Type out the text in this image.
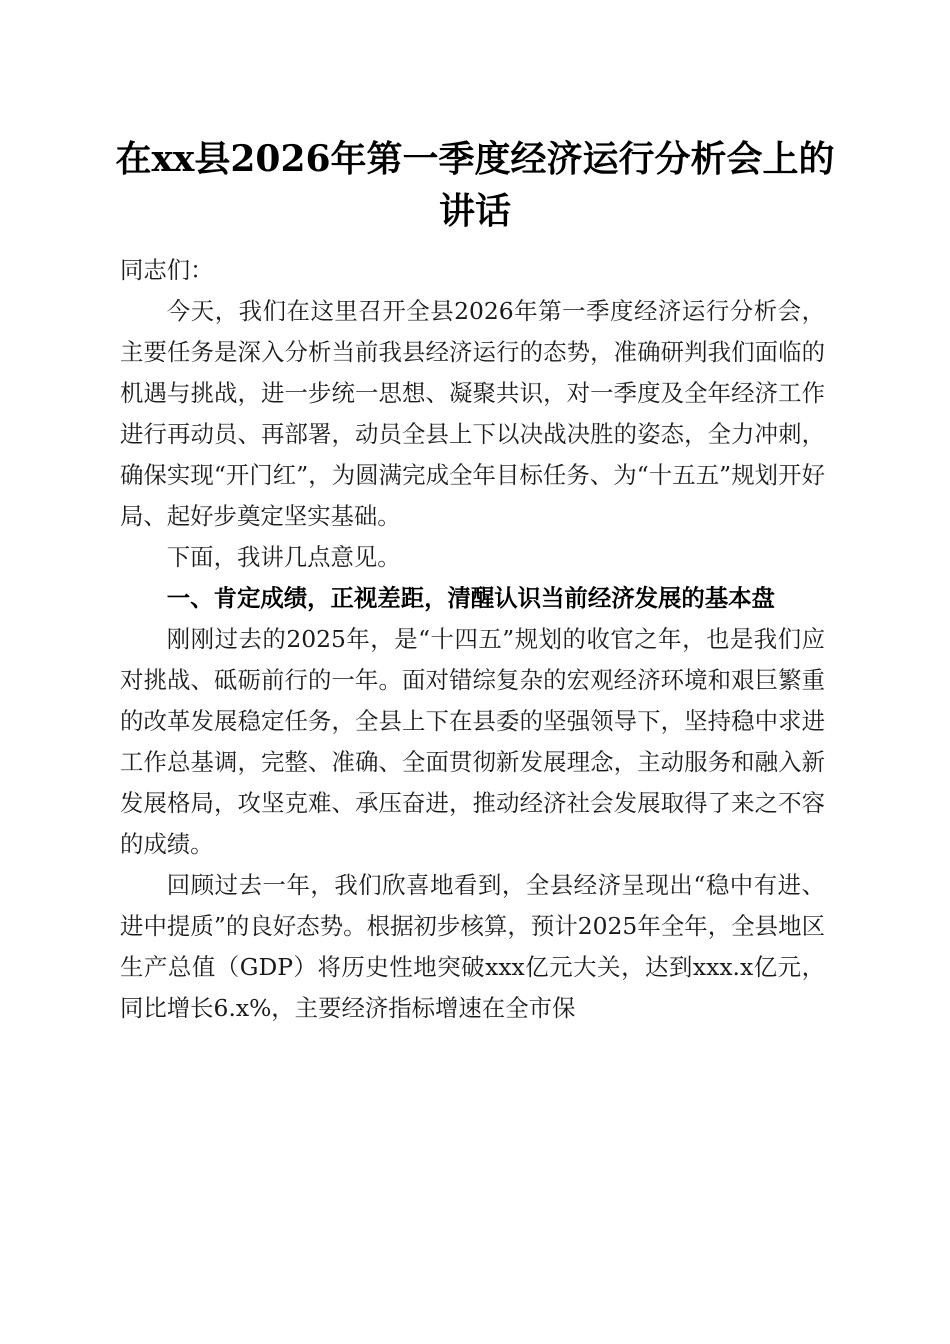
在xx县2026年第一季度经济运行分析会上的讲话

同志们：

今天，我们在这里召开全县2026年第一季度经济运行分析会，主要任务是深入分析当前我县经济运行的态势，准确研判我们面临的机遇与挑战，进一步统一思想、凝聚共识，对一季度及全年经济工作进行再动员、再部署，动员全县上下以决战决胜的姿态，全力冲刺，确保实现“开门红”，为圆满完成全年目标任务、为“十五五”规划开好局、起好步奠定坚实基础。

下面，我讲几点意见。

一、肯定成绩，正视差距，清醒认识当前经济发展的基本盘

刚刚过去的2025年，是“十四五”规划的收官之年，也是我们应对挑战、砥砺前行的一年。面对错综复杂的宏观经济环境和艰巨繁重的改革发展稳定任务，全县上下在县委的坚强领导下，坚持稳中求进工作总基调，完整、准确、全面贯彻新发展理念，主动服务和融入新发展格局，攻坚克难、承压奋进，推动经济社会发展取得了来之不容的成绩。

回顾过去一年，我们欣喜地看到，全县经济呈现出“稳中有进、进中提质”的良好态势。根据初步核算，预计2025年全年，全县地区生产总值（GDP）将历史性地突破xxx亿元大关，达到xxx.x亿元，同比增长6.x%，主要经济指标增速在全市保
